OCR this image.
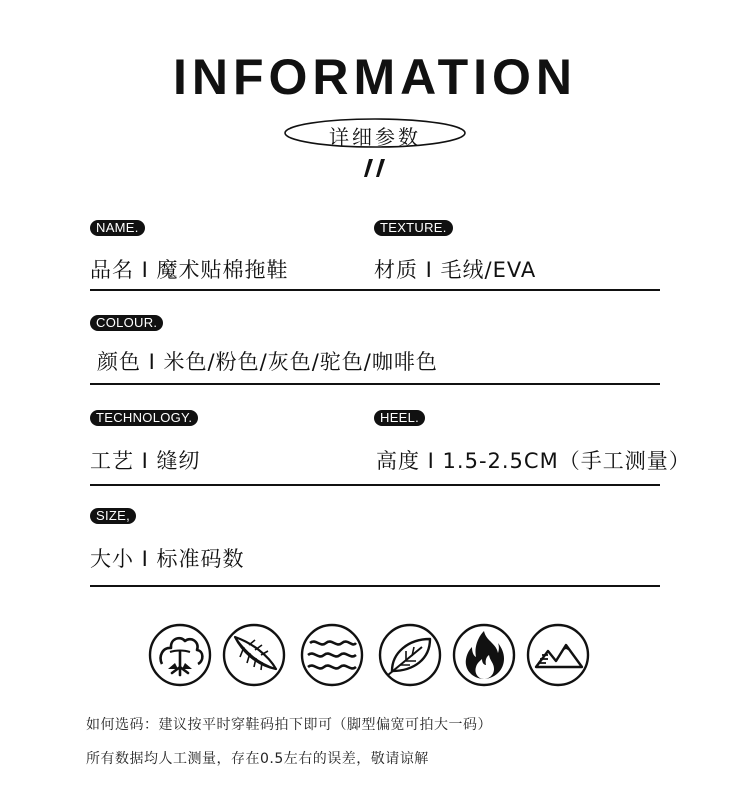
INFORMATION
详细参数
NAME.
品名 I 魔术贴棉拖鞋
TEXTURE.
材质 I 毛绒/EVA
COLOUR.
颜色 I 米色/粉色/灰色/驼色/咖啡色
TECHNOLOGY.
工艺 I 缝纫
HEEL.
高度 I 1.5-2.5CM（手工测量）
SIZE,
大小 I 标准码数
如何选码：建议按平时穿鞋码拍下即可（脚型偏宽可拍大一码）
所有数据均人工测量，存在0.5左右的误差，敬请谅解
